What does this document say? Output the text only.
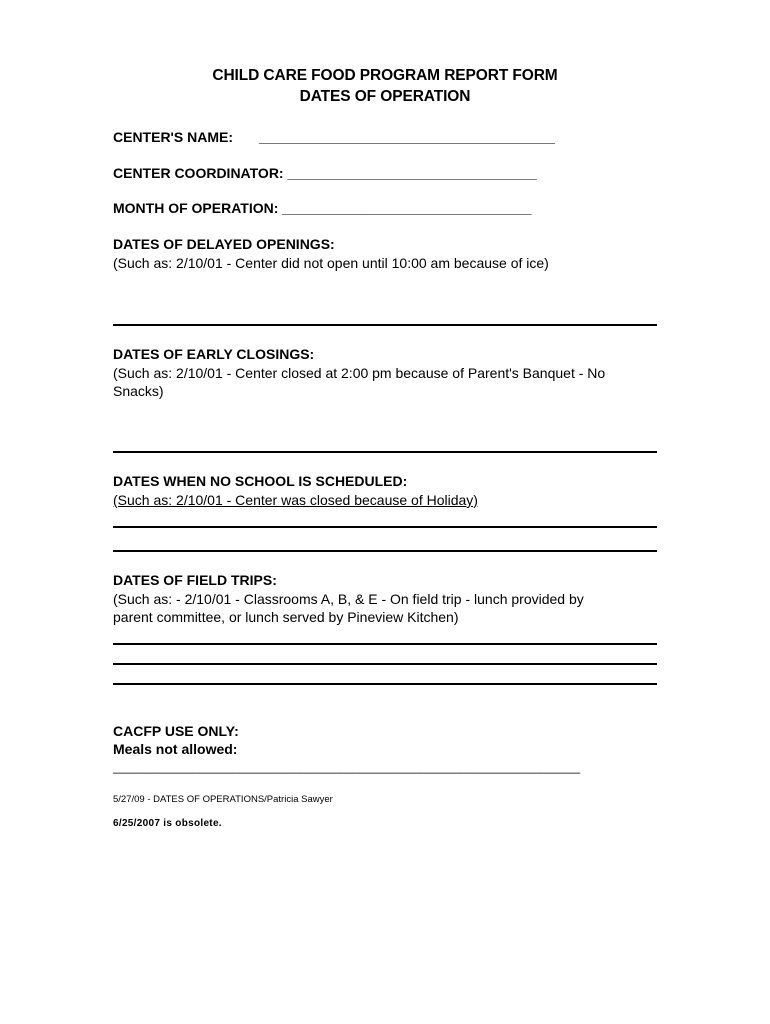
CHILD CARE FOOD PROGRAM REPORT FORM
DATES OF OPERATION
CENTER'S NAME: ______________________________________
CENTER COORDINATOR: ________________________________
MONTH OF OPERATION: ________________________________
DATES OF DELAYED OPENINGS:
(Such as: 2/10/01 - Center did not open until 10:00 am because of ice)
DATES OF EARLY CLOSINGS:
(Such as: 2/10/01 - Center closed at 2:00 pm because of Parent's Banquet - No
Snacks)
DATES WHEN NO SCHOOL IS SCHEDULED:
(Such as: 2/10/01 - Center was closed because of Holiday)
DATES OF FIELD TRIPS:
(Such as: - 2/10/01 - Classrooms A, B, & E - On field trip - lunch provided by
parent committee, or lunch served by Pineview Kitchen)
CACFP USE ONLY:
Meals not allowed:
______________________________________________________________________
5/27/09 - DATES OF OPERATIONS/Patricia Sawyer
6/25/2007 is obsolete.
